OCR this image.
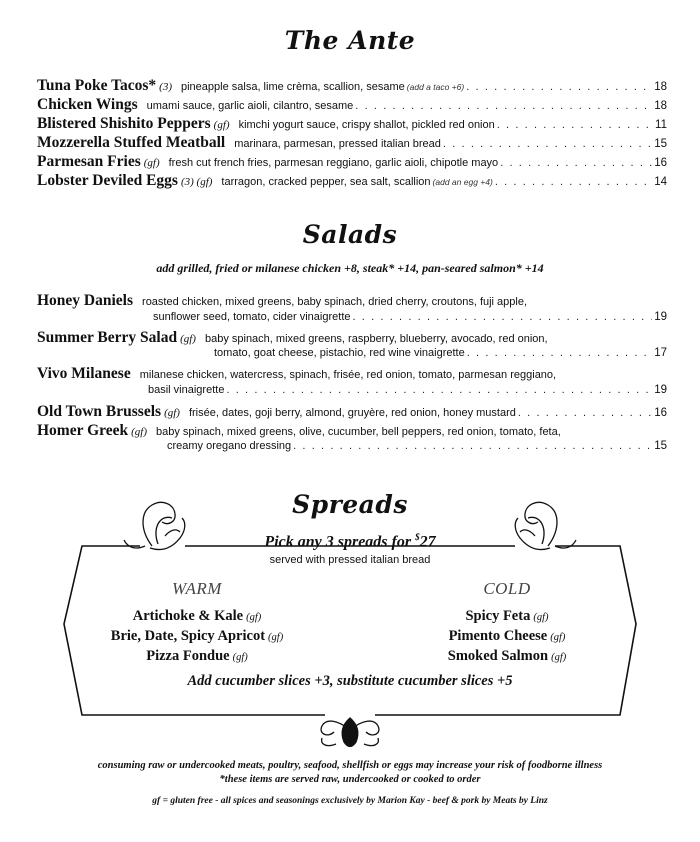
The Ante
Tuna Poke Tacos* (3) pineapple salsa, lime crèma, scallion, sesame (add a taco +6) . . .	18
Chicken Wings umami sauce, garlic aioli, cilantro, sesame . . .	18
Blistered Shishito Peppers (gf) kimchi yogurt sauce, crispy shallot, pickled red onion . . .	11
Mozzerella Stuffed Meatball marinara, parmesan, pressed italian bread . . .	15
Parmesan Fries (gf) fresh cut french fries, parmesan reggiano, garlic aioli, chipotle mayo . . .	16
Lobster Deviled Eggs (3) (gf) tarragon, cracked pepper, sea salt, scallion (add an egg +4) . . .	14
Salads
add grilled, fried or milanese chicken +8, steak* +14, pan-seared salmon* +14
Honey Daniels roasted chicken, mixed greens, baby spinach, dried cherry, croutons, fuji apple,
sunflower seed, tomato, cider vinaigrette . . .	19
Summer Berry Salad (gf) baby spinach, mixed greens, raspberry, blueberry, avocado, red onion,
tomato, goat cheese, pistachio, red wine vinaigrette . . .	17
Vivo Milanese milanese chicken, watercress, spinach, frisée, red onion, tomato, parmesan reggiano,
basil vinaigrette . . .	19
Old Town Brussels (gf) frisée, dates, goji berry, almond, gruyère, red onion, honey mustard . . .	16
Homer Greek (gf) baby spinach, mixed greens, olive, cucumber, bell peppers, red onion, tomato, feta,
creamy oregano dressing . . .	15
Spreads
Pick any 3 spreads for $27
served with pressed italian bread
WARM	COLD
Artichoke & Kale (gf)
Brie, Date, Spicy Apricot (gf)
Pizza Fondue (gf)
Spicy Feta (gf)
Pimento Cheese (gf)
Smoked Salmon (gf)
Add cucumber slices +3, substitute cucumber slices +5
consuming raw or undercooked meats, poultry, seafood, shellfish or eggs may increase your risk of foodborne illness
*these items are served raw, undercooked or cooked to order
gf = gluten free - all spices and seasonings exclusively by Marion Kay - beef & pork by Meats by Linz
